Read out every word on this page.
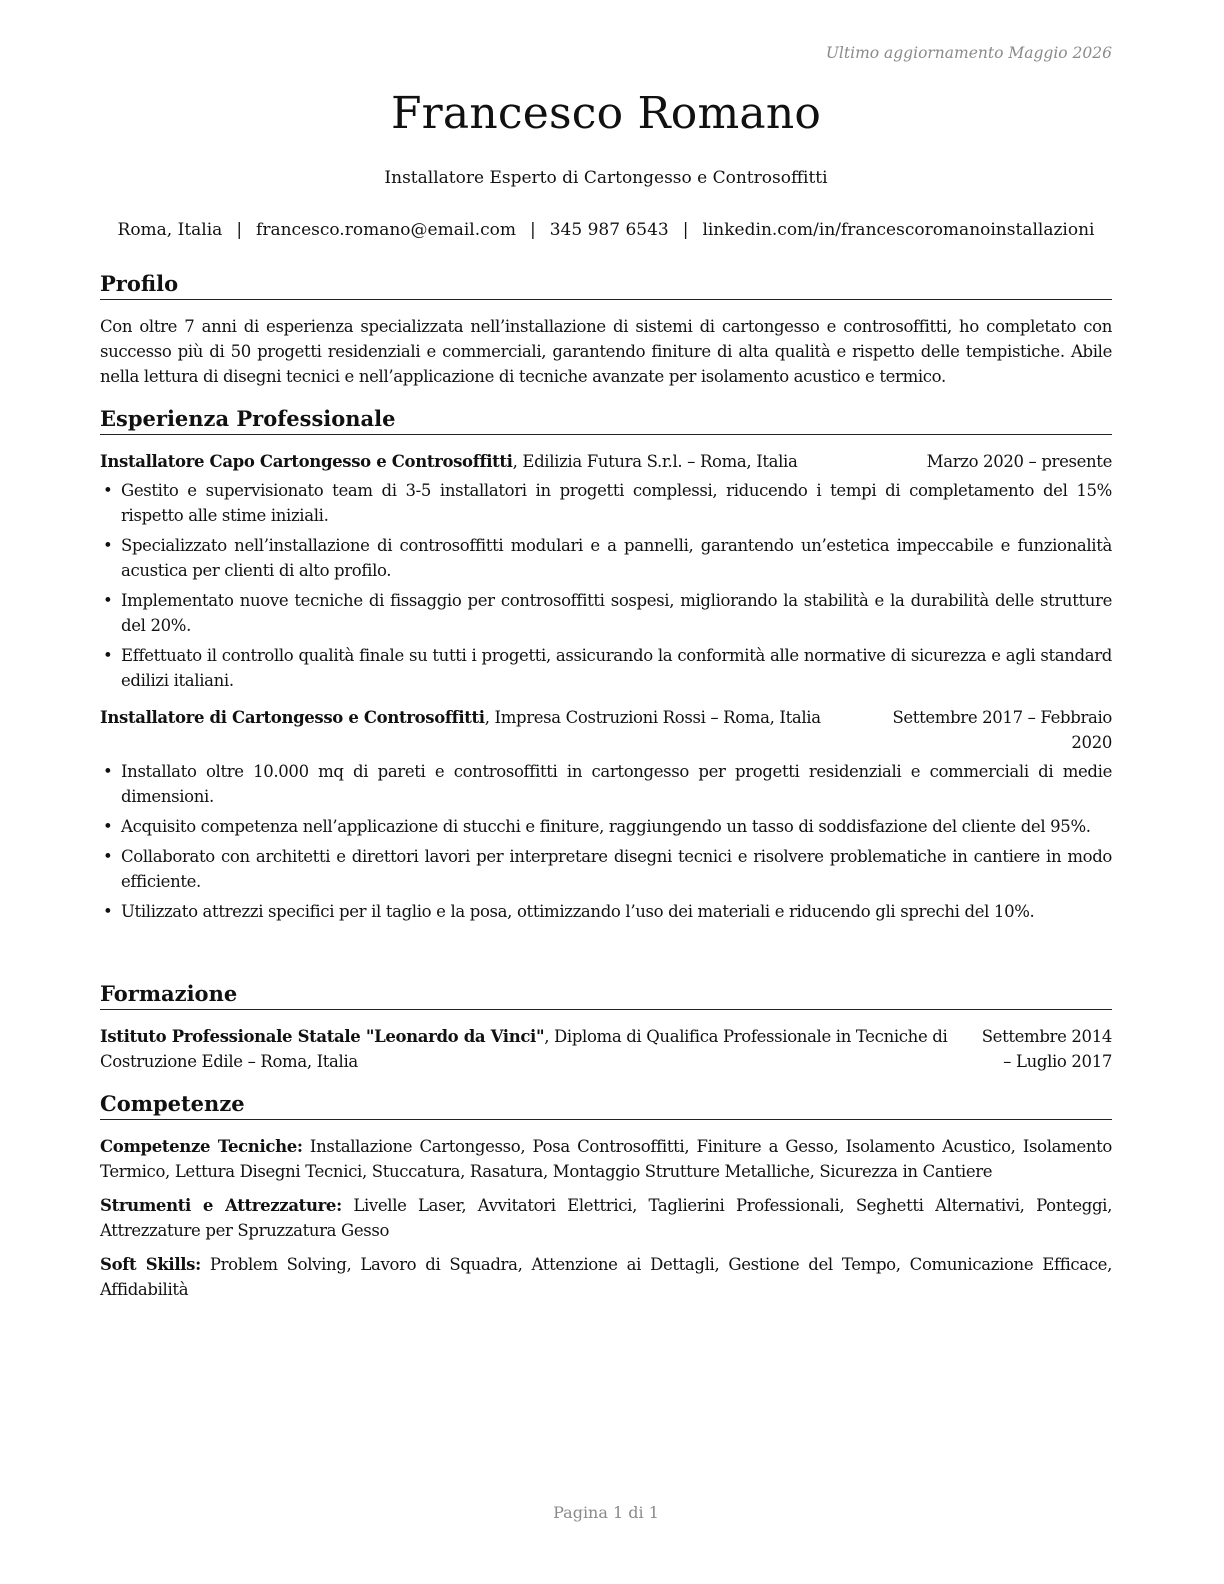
Ultimo aggiornamento Maggio 2026
Francesco Romano
Installatore Esperto di Cartongesso e Controsoffitti
Roma, Italia | francesco.romano@email.com | 345 987 6543 | linkedin.com/in/francescoromanoinstallazioni
Profilo

Con oltre 7 anni di esperienza specializzata nell’installazione di sistemi di cartongesso e controsoffitti, ho completato con successo più di 50 progetti residenziali e commerciali, garantendo finiture di alta qualità e rispetto delle tempistiche. Abile nella lettura di disegni tecnici e nell’applicazione di tecniche avanzate per isolamento acustico e termico.

Esperienza Professionale
Installatore Capo Cartongesso e Controsoffitti, Edilizia Futura S.r.l. – Roma, Italia	Marzo 2020 – presente
• Gestito e supervisionato team di 3-5 installatori in progetti complessi, riducendo i tempi di completamento del 15% rispetto alle stime iniziali.
• Specializzato nell’installazione di controsoffitti modulari e a pannelli, garantendo un’estetica impeccabile e funzionalità acustica per clienti di alto profilo.
• Implementato nuove tecniche di fissaggio per controsoffitti sospesi, migliorando la stabilità e la durabilità delle strutture del 20%.
• Effettuato il controllo qualità finale su tutti i progetti, assicurando la conformità alle normative di sicurezza e agli standard edilizi italiani.
Installatore di Cartongesso e Controsoffitti, Impresa Costruzioni Rossi – Roma, Italia	Settembre 2017 – Febbraio 2020
• Installato oltre 10.000 mq di pareti e controsoffitti in cartongesso per progetti residenziali e commerciali di medie dimensioni.
• Acquisito competenza nell’applicazione di stucchi e finiture, raggiungendo un tasso di soddisfazione del cliente del 95%.
• Collaborato con architetti e direttori lavori per interpretare disegni tecnici e risolvere problematiche in cantiere in modo efficiente.
• Utilizzato attrezzi specifici per il taglio e la posa, ottimizzando l’uso dei materiali e riducendo gli sprechi del 10%.
Formazione
Istituto Professionale Statale "Leonardo da Vinci", Diploma di Qualifica Professionale in Tecniche di Costruzione Edile – Roma, Italia
Settembre 2014 – Luglio 2017
Competenze

Competenze Tecniche: Installazione Cartongesso, Posa Controsoffitti, Finiture a Gesso, Isolamento Acustico, Isolamento Termico, Lettura Disegni Tecnici, Stuccatura, Rasatura, Montaggio Strutture Metalliche, Sicurezza in Cantiere

Strumenti e Attrezzature: Livelle Laser, Avvitatori Elettrici, Taglierini Professionali, Seghetti Alternativi, Ponteggi, Attrezzature per Spruzzatura Gesso

Soft Skills: Problem Solving, Lavoro di Squadra, Attenzione ai Dettagli, Gestione del Tempo, Comunicazione Efficace, Affidabilità

Pagina 1 di 1
